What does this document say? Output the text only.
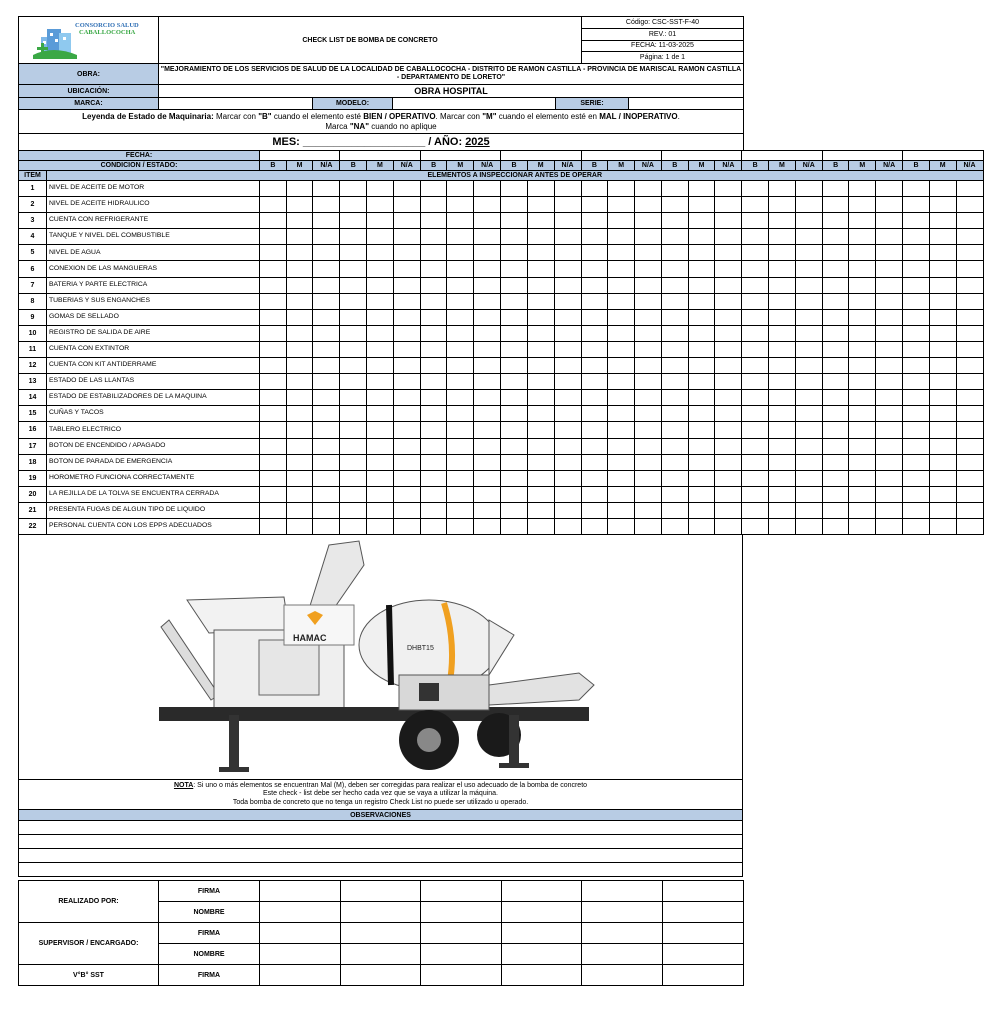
CONSORCIO SALUD
CABALLOCOCHA
	CHECK LIST DE BOMBA DE CONCRETO	Código: CSC-SST-F-40
REV.: 01
FECHA: 11-03-2025
Página: 1 de 1
OBRA:	"MEJORAMIENTO DE LOS SERVICIOS DE SALUD DE LA LOCALIDAD DE CABALLOCOCHA - DISTRITO DE RAMON CASTILLA - PROVINCIA DE MARISCAL RAMON CASTILLA - DEPARTAMENTO DE LORETO"				
UBICACIÓN:	OBRA HOSPITAL				
MARCA:		MODELO:		SERIE:	
Leyenda de Estado de Maquinaria: Marcar con "B" cuando el elemento esté BIEN / OPERATIVO. Marcar con "M" cuando el elemento esté en MAL / INOPERATIVO.
Marca "NA" cuando no aplique					
MES: ____________________ / AÑO: 2025					
FECHA:																												
CONDICION / ESTADO:		B	M	N/A	B	M	N/A	B	M	N/A	B	M	N/A	B	M	N/A	B	M	N/A	B	M	N/A	B	M	N/A	B	M	N/A
ITEM	ELEMENTOS A INSPECCIONAR ANTES DE OPERAR																											
1	NIVEL DE ACEITE DE MOTOR																											
2	NIVEL DE ACEITE HIDRAULICO																											
3	CUENTA CON REFRIGERANTE																											
4	TANQUE Y NIVEL DEL COMBUSTIBLE																											
5	NIVEL DE AGUA																											
6	CONEXION DE LAS MANGUERAS																											
7	BATERIA Y PARTE ELECTRICA																											
8	TUBERIAS Y SUS ENGANCHES																											
9	GOMAS DE SELLADO																											
10	REGISTRO DE SALIDA DE AIRE																											
11	CUENTA CON EXTINTOR																											
12	CUENTA CON KIT ANTIDERRAME																											
13	ESTADO DE LAS LLANTAS																											
14	ESTADO DE ESTABILIZADORES DE LA MAQUINA																											
15	CUÑAS Y TACOS																											
16	TABLERO ELECTRICO																											
17	BOTON DE ENCENDIDO / APAGADO																											
18	BOTON DE PARADA DE EMERGENCIA																											
19	HOROMETRO FUNCIONA CORRECTAMENTE																											
20	LA REJILLA DE LA TOLVA SE ENCUENTRA CERRADA																											
21	PRESENTA FUGAS DE ALGUN TIPO DE LIQUIDO																											
22	PERSONAL CUENTA CON LOS EPPS ADECUADOS																											
HAMAC
DHBT15

NOTA: Si uno o más elementos se encuentran Mal (M), deben ser corregidas para realizar el uso adecuado de la bomba de concreto
Este check - list debe ser hecho cada vez que se vaya a utilizar la máquina.
Toda bomba de concreto que no tenga un registro Check List no puede ser utilizado u operado.
OBSERVACIONES

REALIZADO POR:	FIRMA						
	NOMBRE						
SUPERVISOR / ENCARGADO:	FIRMA						
	NOMBRE						
V°B° SST	FIRMA						
